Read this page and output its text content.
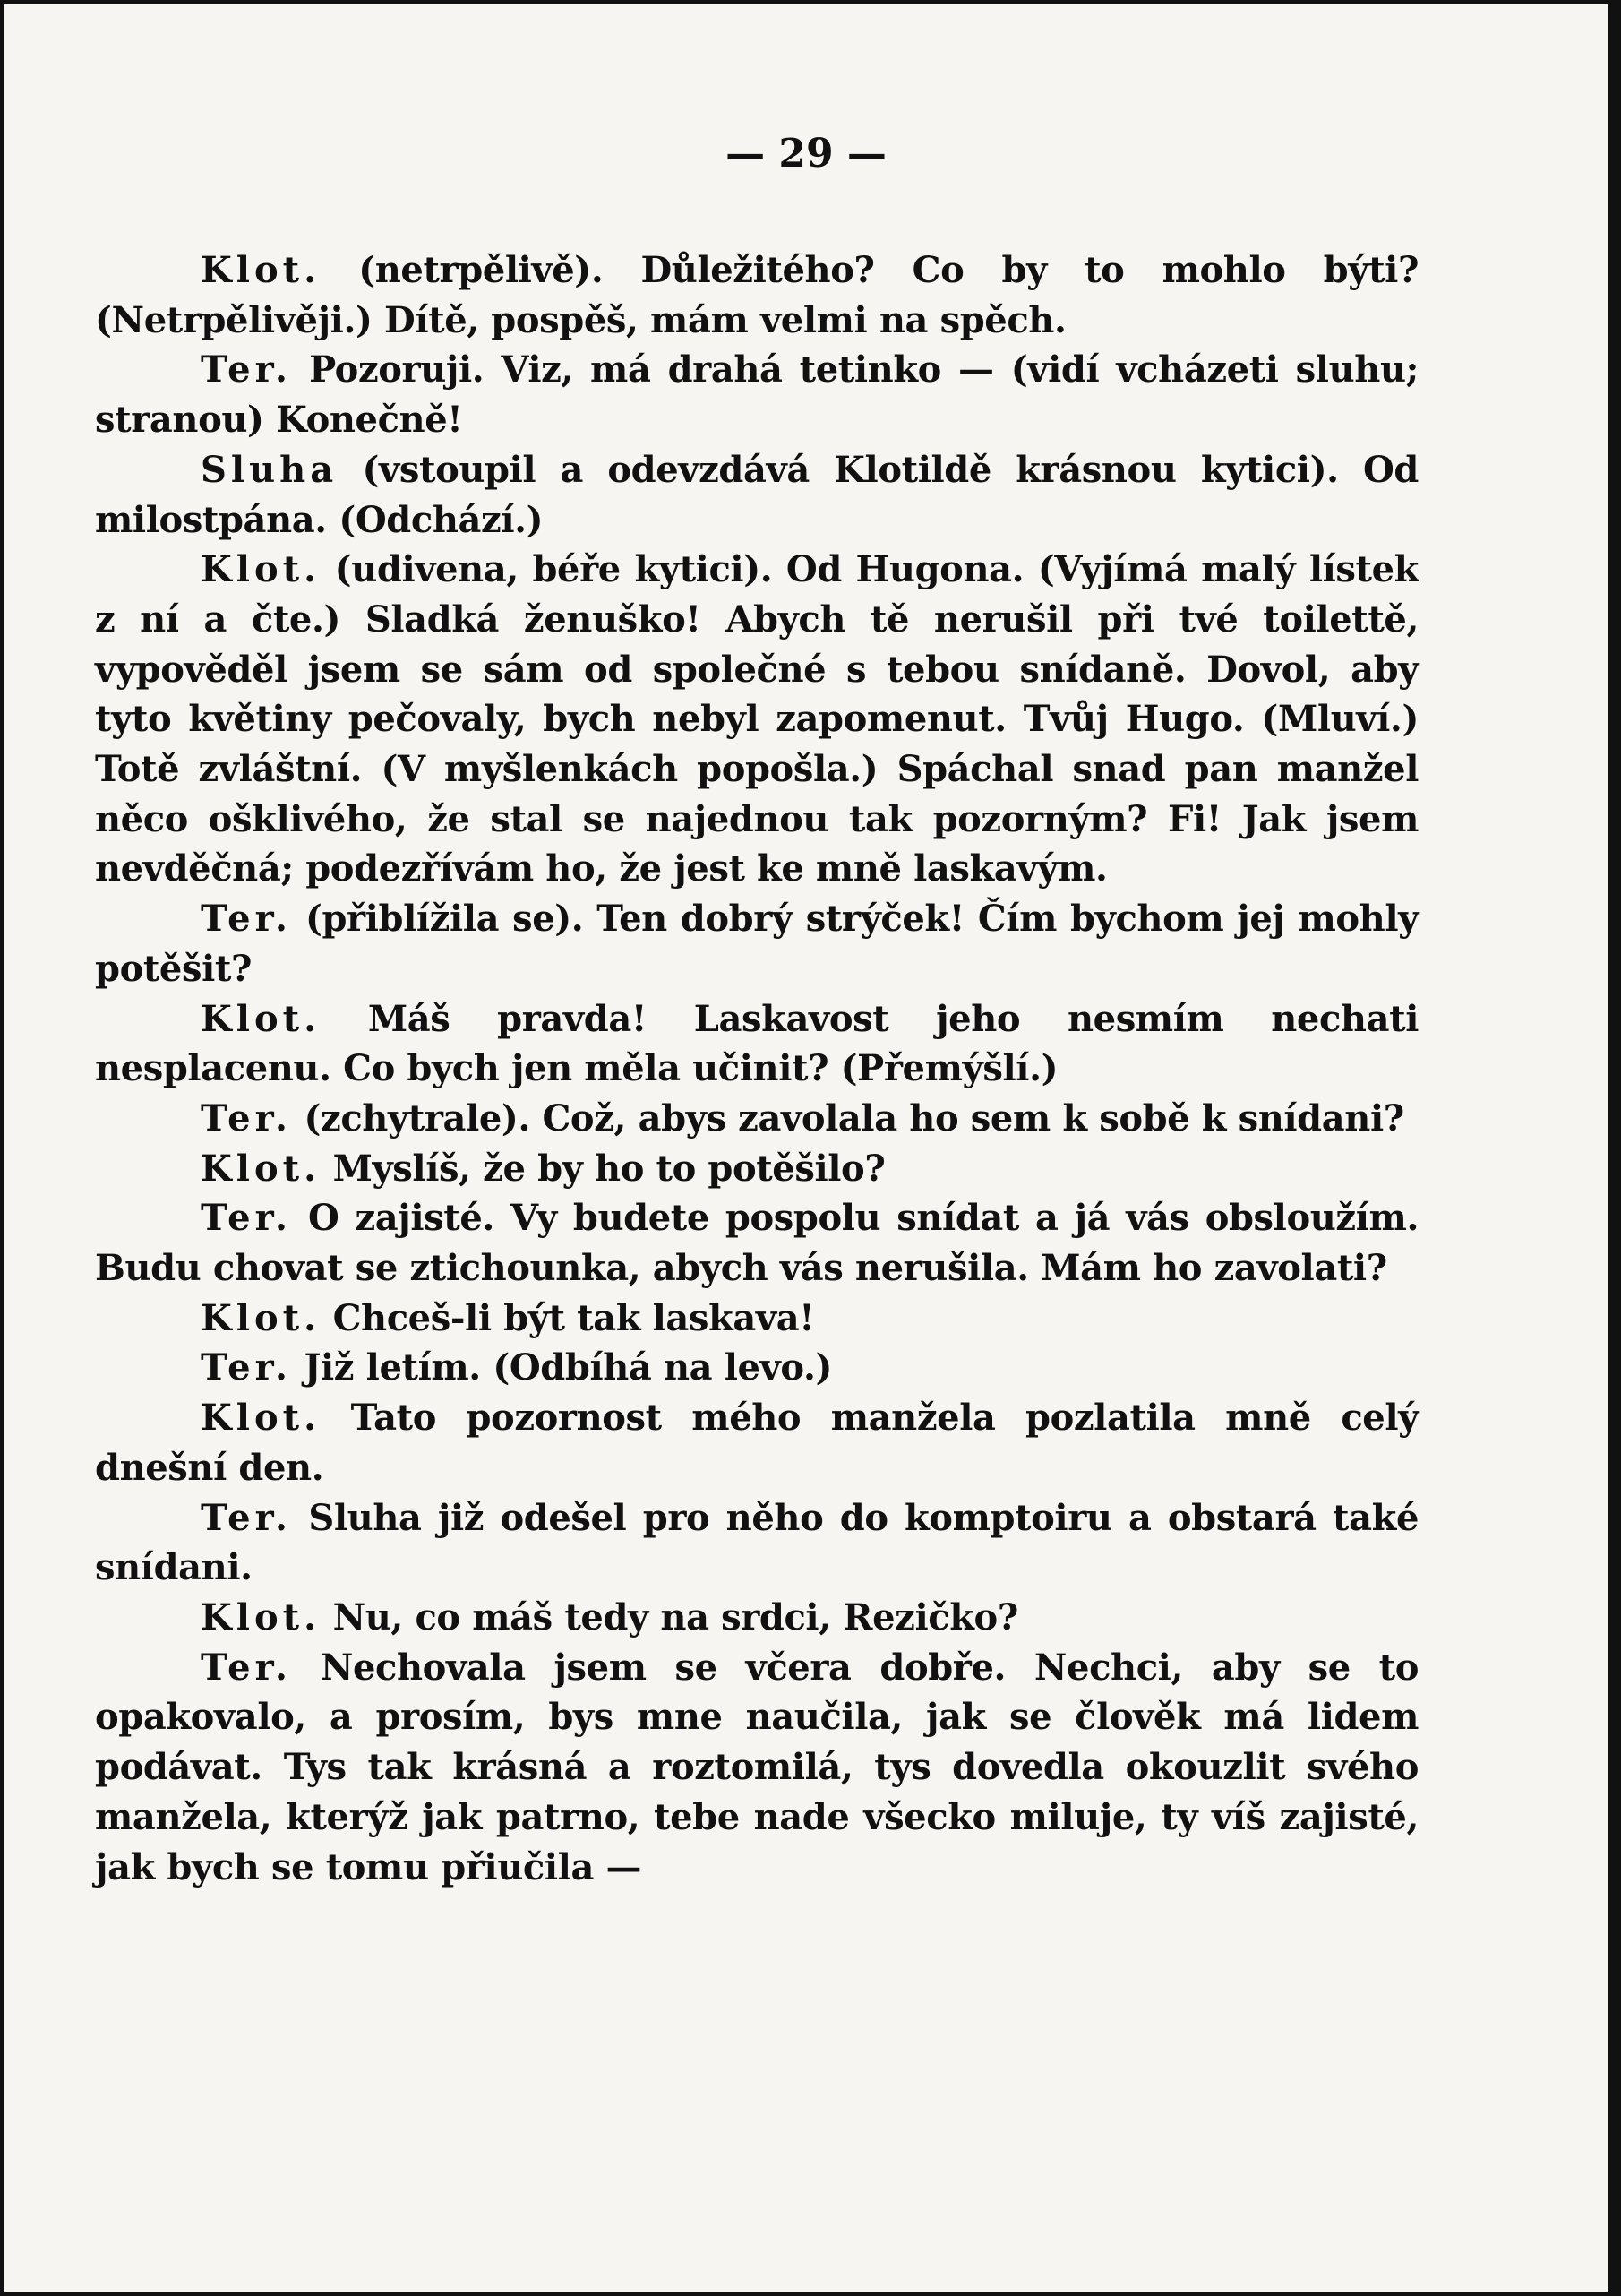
— 29 —

Klot. (netrpělivě). Důležitého? Co by to mohlo býti? (Netrpělivěji.) Dítě, pospěš, mám velmi na spěch.

Ter. Pozoruji. Viz, má drahá tetinko — (vidí vcházeti sluhu; stranou) Konečně!

Sluha (vstoupil a odevzdává Klotildě krásnou kytici). Od milostpána. (Odchází.)

Klot. (udivena, béře kytici). Od Hugona. (Vyjímá malý lístek z ní a čte.) Sladká ženuško! Abych tě nerušil při tvé toilettě, vypověděl jsem se sám od společné s tebou snídaně. Dovol, aby tyto květiny pečovaly, bych nebyl zapomenut. Tvůj Hugo. (Mluví.) Totě zvláštní. (V myšlenkách popošla.) Spáchal snad pan manžel něco ošklivého, že stal se najednou tak pozorným? Fi! Jak jsem nevděčná; podezřívám ho, že jest ke mně laskavým.

Ter. (přiblížila se). Ten dobrý strýček! Čím bychom jej mohly potěšit?

Klot. Máš pravda! Laskavost jeho nesmím nechati nesplacenu. Co bych jen měla učinit? (Přemýšlí.)

Ter. (zchytrale). Což, abys zavolala ho sem k sobě k snídani?

Klot. Myslíš, že by ho to potěšilo?

Ter. O zajisté. Vy budete pospolu snídat a já vás obsloužím. Budu chovat se ztichounka, abych vás nerušila. Mám ho zavolati?

Klot. Chceš-li být tak laskava!

Ter. Již letím. (Odbíhá na levo.)

Klot. Tato pozornost mého manžela pozlatila mně celý dnešní den.

Ter. Sluha již odešel pro něho do komptoiru a obstará také snídani.

Klot. Nu, co máš tedy na srdci, Rezičko?

Ter. Nechovala jsem se včera dobře. Nechci, aby se to opakovalo, a prosím, bys mne naučila, jak se člověk má lidem podávat. Tys tak krásná a roztomilá, tys dovedla okouzlit svého manžela, kterýž jak patrno, tebe nade všecko miluje, ty víš zajisté, jak bych se tomu přiučila —
